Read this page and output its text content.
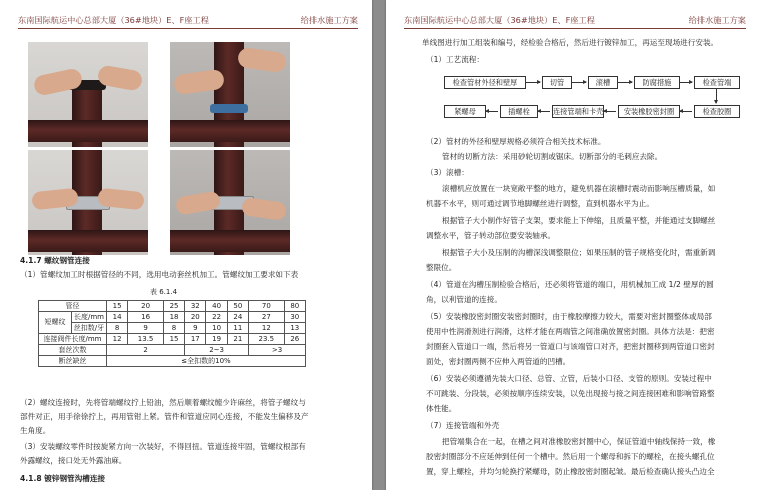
东南国际航运中心总部大厦（36#地块）E、F座工程	给排水施工方案
4.1.7 螺纹钢管连接
（1）管螺纹加工时根据管径的不同，选用电动套丝机加工。管螺纹加工要求如下表
表 6.1.4
管径		15	20	25	32	40	50	70	80
短螺纹	长度/mm	14	16	18	20	22	24	27	30
	丝扣数/牙	8	9	8	9	10	11	12	13
连接阀件长度/mm		12	13.5	15	17	19	21	23.5	26
套丝次数		2			2~3			>3	
断丝缺丝		≤全扣数的10%							
（2）螺纹连接时，先将管端螺纹拧上铅油，然后顺着螺纹缠少许麻丝，将管子螺纹与
部件对正，用手徐徐拧上，再用管钳上紧。管件和管道应同心连接，不能发生偏移及产
生角度。
（3）安装螺纹零件时按旋紧方向一次装好，不得回扭。管道连接牢固，管螺纹根部有
外露螺纹，接口处无外露油麻。
4.1.8 镀锌钢管沟槽连接
东南国际航运中心总部大厦（36#地块）E、F座工程	给排水施工方案
单线图进行加工组装和编号，经检验合格后，然后进行镀锌加工，再运至现场进行安装。
（1）工艺流程：
检查管材外径和壁厚	切管	滚槽	防腐措施	检查管端
检查胶圈
安装橡胶密封圈
连接管端和卡壳
插螺栓
紧螺母
（2）管材的外径和壁厚规格必须符合相关技术标准。
管材的切断方法：采用砂轮切割或锯床。切断部分的毛刺应去除。
（3）滚槽：
滚槽机应放置在一块宽敞平整的地方，避免机器在滚槽时震动而影响压槽质量，如
机器不水平，则可通过调节地脚螺丝进行调整，直到机器水平为止。
根据管子大小制作好管子支架，要求能上下伸缩，且质量平整，并能通过支脚螺丝
调整水平，管子转动部位要安装轴承。
根据管子大小及压制的沟槽深浅调整限位；如果压制的管子规格变化时，需重新调
整限位。
（4）管道在沟槽压制检验合格后，还必须将管道的端口，用机械加工成 1/2 壁厚的圆
角，以利管道的连接。
（5）安装橡胶密封圈安装密封圈时，由于橡胶摩擦力较大，需要对密封圈整体或局部
使用中性润滑剂进行润滑，这样才能在两端管之间准确放置密封圈。具体方法是：把密
封圈套入管道口一端，然后将另一管道口与该端管口对齐，把密封圈移到两管道口密封
面处，密封圈两侧不应伸入两管道的凹槽。
（6）安装必须遵循先装大口径、总管、立管，后装小口径、支管的原则。安装过程中
不可跳装、分段装，必须按顺序连续安装，以免出现接与接之间连接困难和影响管路整
体性能。
（7）连接管端和外壳
把管端集合在一起，在槽之间对准橡胶密封圈中心，保证管道中轴线保持一致，橡
胶密封圈部分不应延伸到任何一个槽中。然后用一个螺母和拆下的螺栓，在接头螺孔位
置，穿上螺栓，并均匀轮换拧紧螺母，防止橡胶密封圈起皱。最后检查确认接头凸边全
